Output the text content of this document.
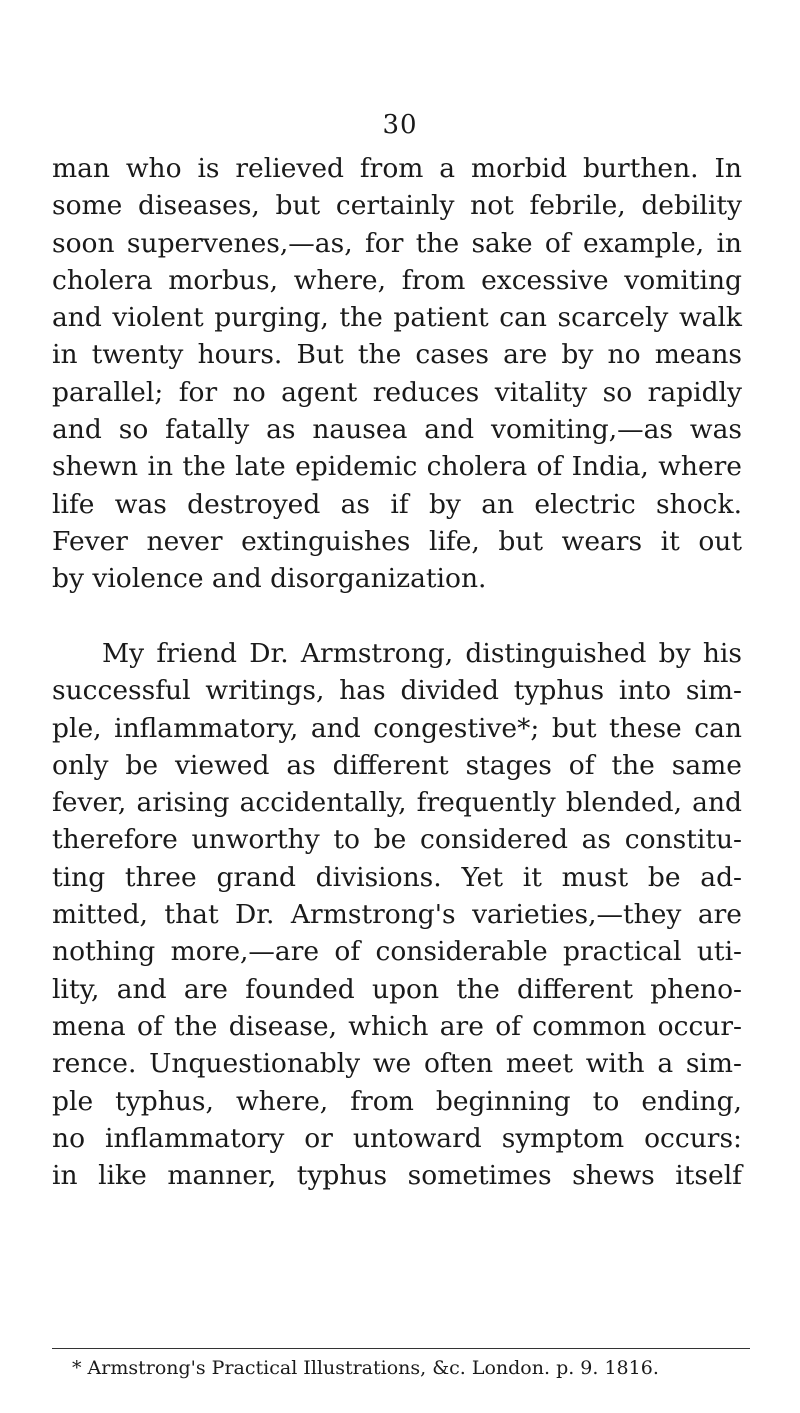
30
man who is relieved from a morbid burthen. In
some diseases, but certainly not febrile, debility
soon supervenes,—as, for the sake of example, in
cholera morbus, where, from excessive vomiting
and violent purging, the patient can scarcely walk
in twenty hours. But the cases are by no means
parallel; for no agent reduces vitality so rapidly
and so fatally as nausea and vomiting,—as was
shewn in the late epidemic cholera of India, where
life was destroyed as if by an electric shock.
Fever never extinguishes life, but wears it out
by violence and disorganization.
My friend Dr. Armstrong, distinguished by his
successful writings, has divided typhus into sim-
ple, inflammatory, and congestive*; but these can
only be viewed as different stages of the same
fever, arising accidentally, frequently blended, and
therefore unworthy to be considered as constitu-
ting three grand divisions. Yet it must be ad-
mitted, that Dr. Armstrong's varieties,—they are
nothing more,—are of considerable practical uti-
lity, and are founded upon the different pheno-
mena of the disease, which are of common occur-
rence. Unquestionably we often meet with a sim-
ple typhus, where, from beginning to ending,
no inflammatory or untoward symptom occurs:
in like manner, typhus sometimes shews itself
* Armstrong's Practical Illustrations, &c. London. p. 9. 1816.
